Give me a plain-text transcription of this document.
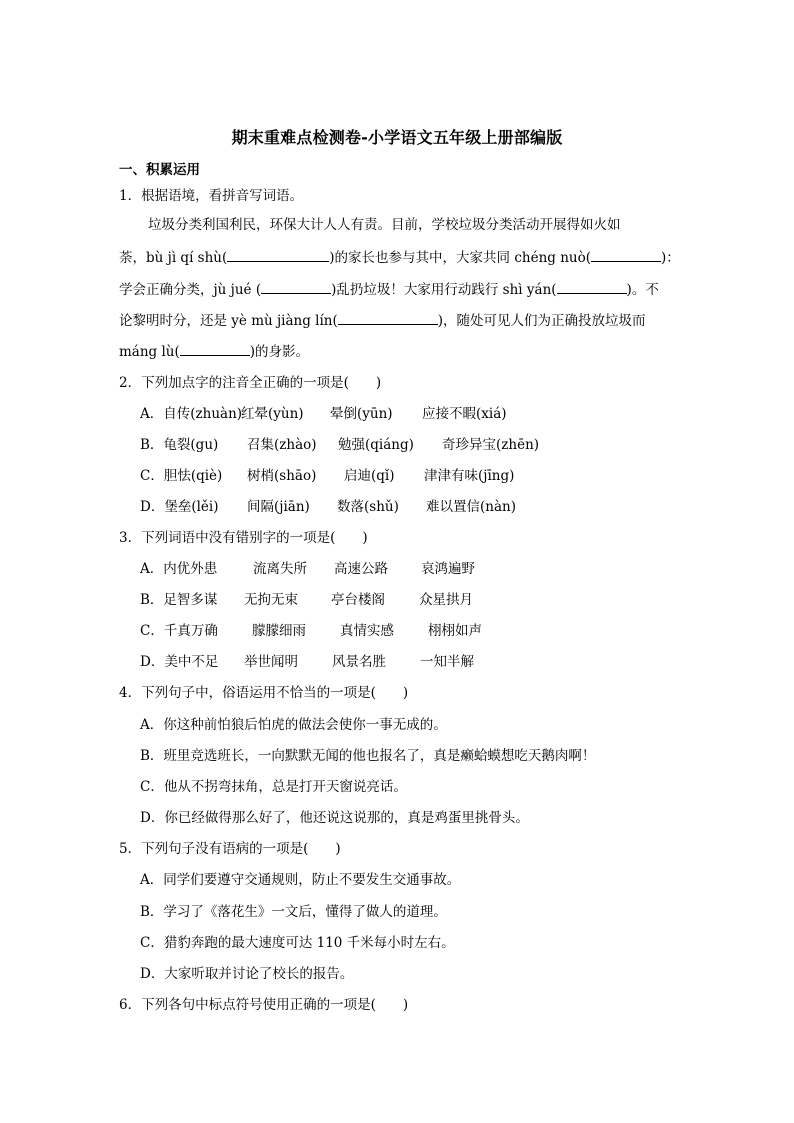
期末重难点检测卷-小学语文五年级上册部编版
一、积累运用
1．根据语境，看拼音写词语。
垃圾分类利国利民，环保大计人人有责。目前，学校垃圾分类活动开展得如火如
荼，bù jì qí shù(	)的家长也参与其中，大家共同 chéng nuò(	)：
学会正确分类，jù jué (	)乱扔垃圾！大家用行动践行 shì yán(	)。不
论黎明时分，还是 yè mù jiàng lín(	)，随处可见人们为正确投放垃圾而
máng lù(	)的身影。
2．下列加点字的注音全正确的一项是(　　)
A．自传(zhuàn)红晕(yùn) 晕倒(yūn) 应接不暇(xiá)
B．龟裂(gu) 召集(zhào) 勉强(qiáng) 奇珍异宝(zhēn)
C．胆怯(qiè) 树梢(shāo) 启迪(qǐ) 津津有味(jīng)
D．堡垒(lěi) 间隔(jiān) 数落(shǔ) 难以置信(nàn)
3．下列词语中没有错别字的一项是(　　)
A．内优外患	流离失所 高速公路 哀鸿遍野
B．足智多谋 无拘无束 亭台楼阁	众星拱月
C．千真万确	朦朦细雨	真情实感	栩栩如声
D．美中不足 举世闻明	风景名胜	一知半解
4．下列句子中，俗语运用不恰当的一项是(　　)
A．你这种前怕狼后怕虎的做法会使你一事无成的。
B．班里竞选班长，一向默默无闻的他也报名了，真是癞蛤蟆想吃天鹅肉啊！
C．他从不拐弯抹角，总是打开天窗说亮话。
D．你已经做得那么好了，他还说这说那的，真是鸡蛋里挑骨头。
5．下列句子没有语病的一项是(　　)
A．同学们要遵守交通规则，防止不要发生交通事故。
B．学习了《落花生》一文后，懂得了做人的道理。
C．猎豹奔跑的最大速度可达 110 千米每小时左右。
D．大家听取并讨论了校长的报告。
6．下列各句中标点符号使用正确的一项是(　　)
